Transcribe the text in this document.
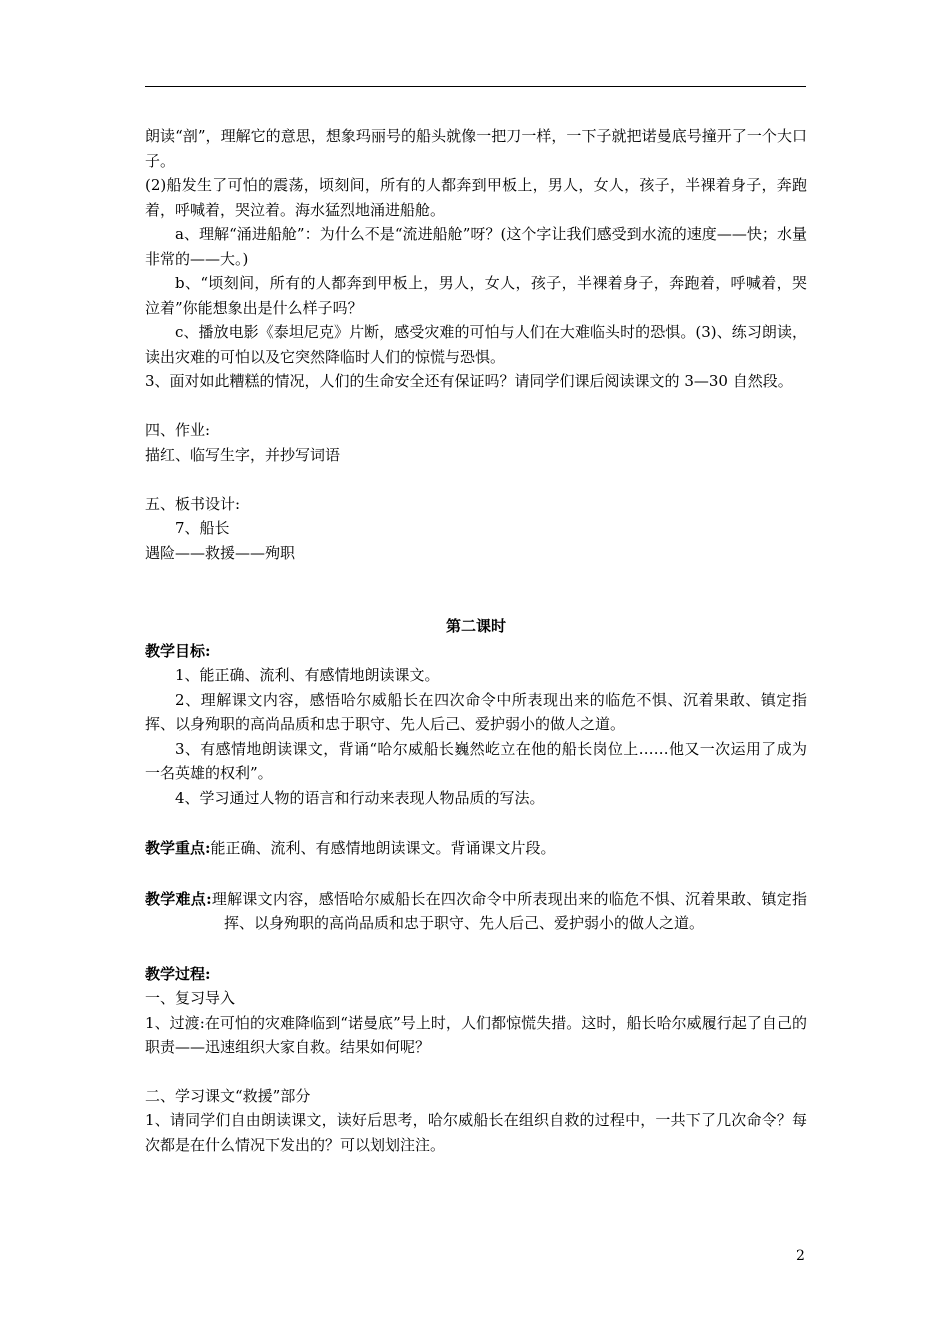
朗读“剖”，理解它的意思，想象玛丽号的船头就像一把刀一样，一下子就把诺曼底号撞开了一个大口子。

(2)船发生了可怕的震荡，顷刻间，所有的人都奔到甲板上，男人，女人，孩子，半裸着身子，奔跑着，呼喊着，哭泣着。海水猛烈地涌进船舱。

a、理解“涌进船舱”：为什么不是“流进船舱”呀？(这个字让我们感受到水流的速度——快；水量非常的——大。)

b、“顷刻间，所有的人都奔到甲板上，男人，女人，孩子，半裸着身子，奔跑着，呼喊着，哭泣着”你能想象出是什么样子吗？

c、播放电影《泰坦尼克》片断，感受灾难的可怕与人们在大难临头时的恐惧。(3)、练习朗读，读出灾难的可怕以及它突然降临时人们的惊慌与恐惧。

3、面对如此糟糕的情况，人们的生命安全还有保证吗？请同学们课后阅读课文的 3—30 自然段。

四、作业:

描红、临写生字，并抄写词语

五、板书设计:

7、船长

遇险——救援——殉职

第二课时

教学目标:

1、能正确、流利、有感情地朗读课文。

2、理解课文内容，感悟哈尔威船长在四次命令中所表现出来的临危不惧、沉着果敢、镇定指挥、以身殉职的高尚品质和忠于职守、先人后己、爱护弱小的做人之道。

3、有感情地朗读课文，背诵“哈尔威船长巍然屹立在他的船长岗位上……他又一次运用了成为一名英雄的权利”。

4、学习通过人物的语言和行动来表现人物品质的写法。

教学重点:能正确、流利、有感情地朗读课文。背诵课文片段。

教学难点:理解课文内容，感悟哈尔威船长在四次命令中所表现出来的临危不惧、沉着果敢、镇定指挥、以身殉职的高尚品质和忠于职守、先人后己、爱护弱小的做人之道。

教学过程:

一、复习导入

1、过渡:在可怕的灾难降临到“诺曼底”号上时，人们都惊慌失措。这时，船长哈尔威履行起了自己的职责——迅速组织大家自救。结果如何呢？

二、学习课文“救援”部分

1、请同学们自由朗读课文，读好后思考，哈尔威船长在组织自救的过程中，一共下了几次命令？每次都是在什么情况下发出的？可以划划注注。

2
